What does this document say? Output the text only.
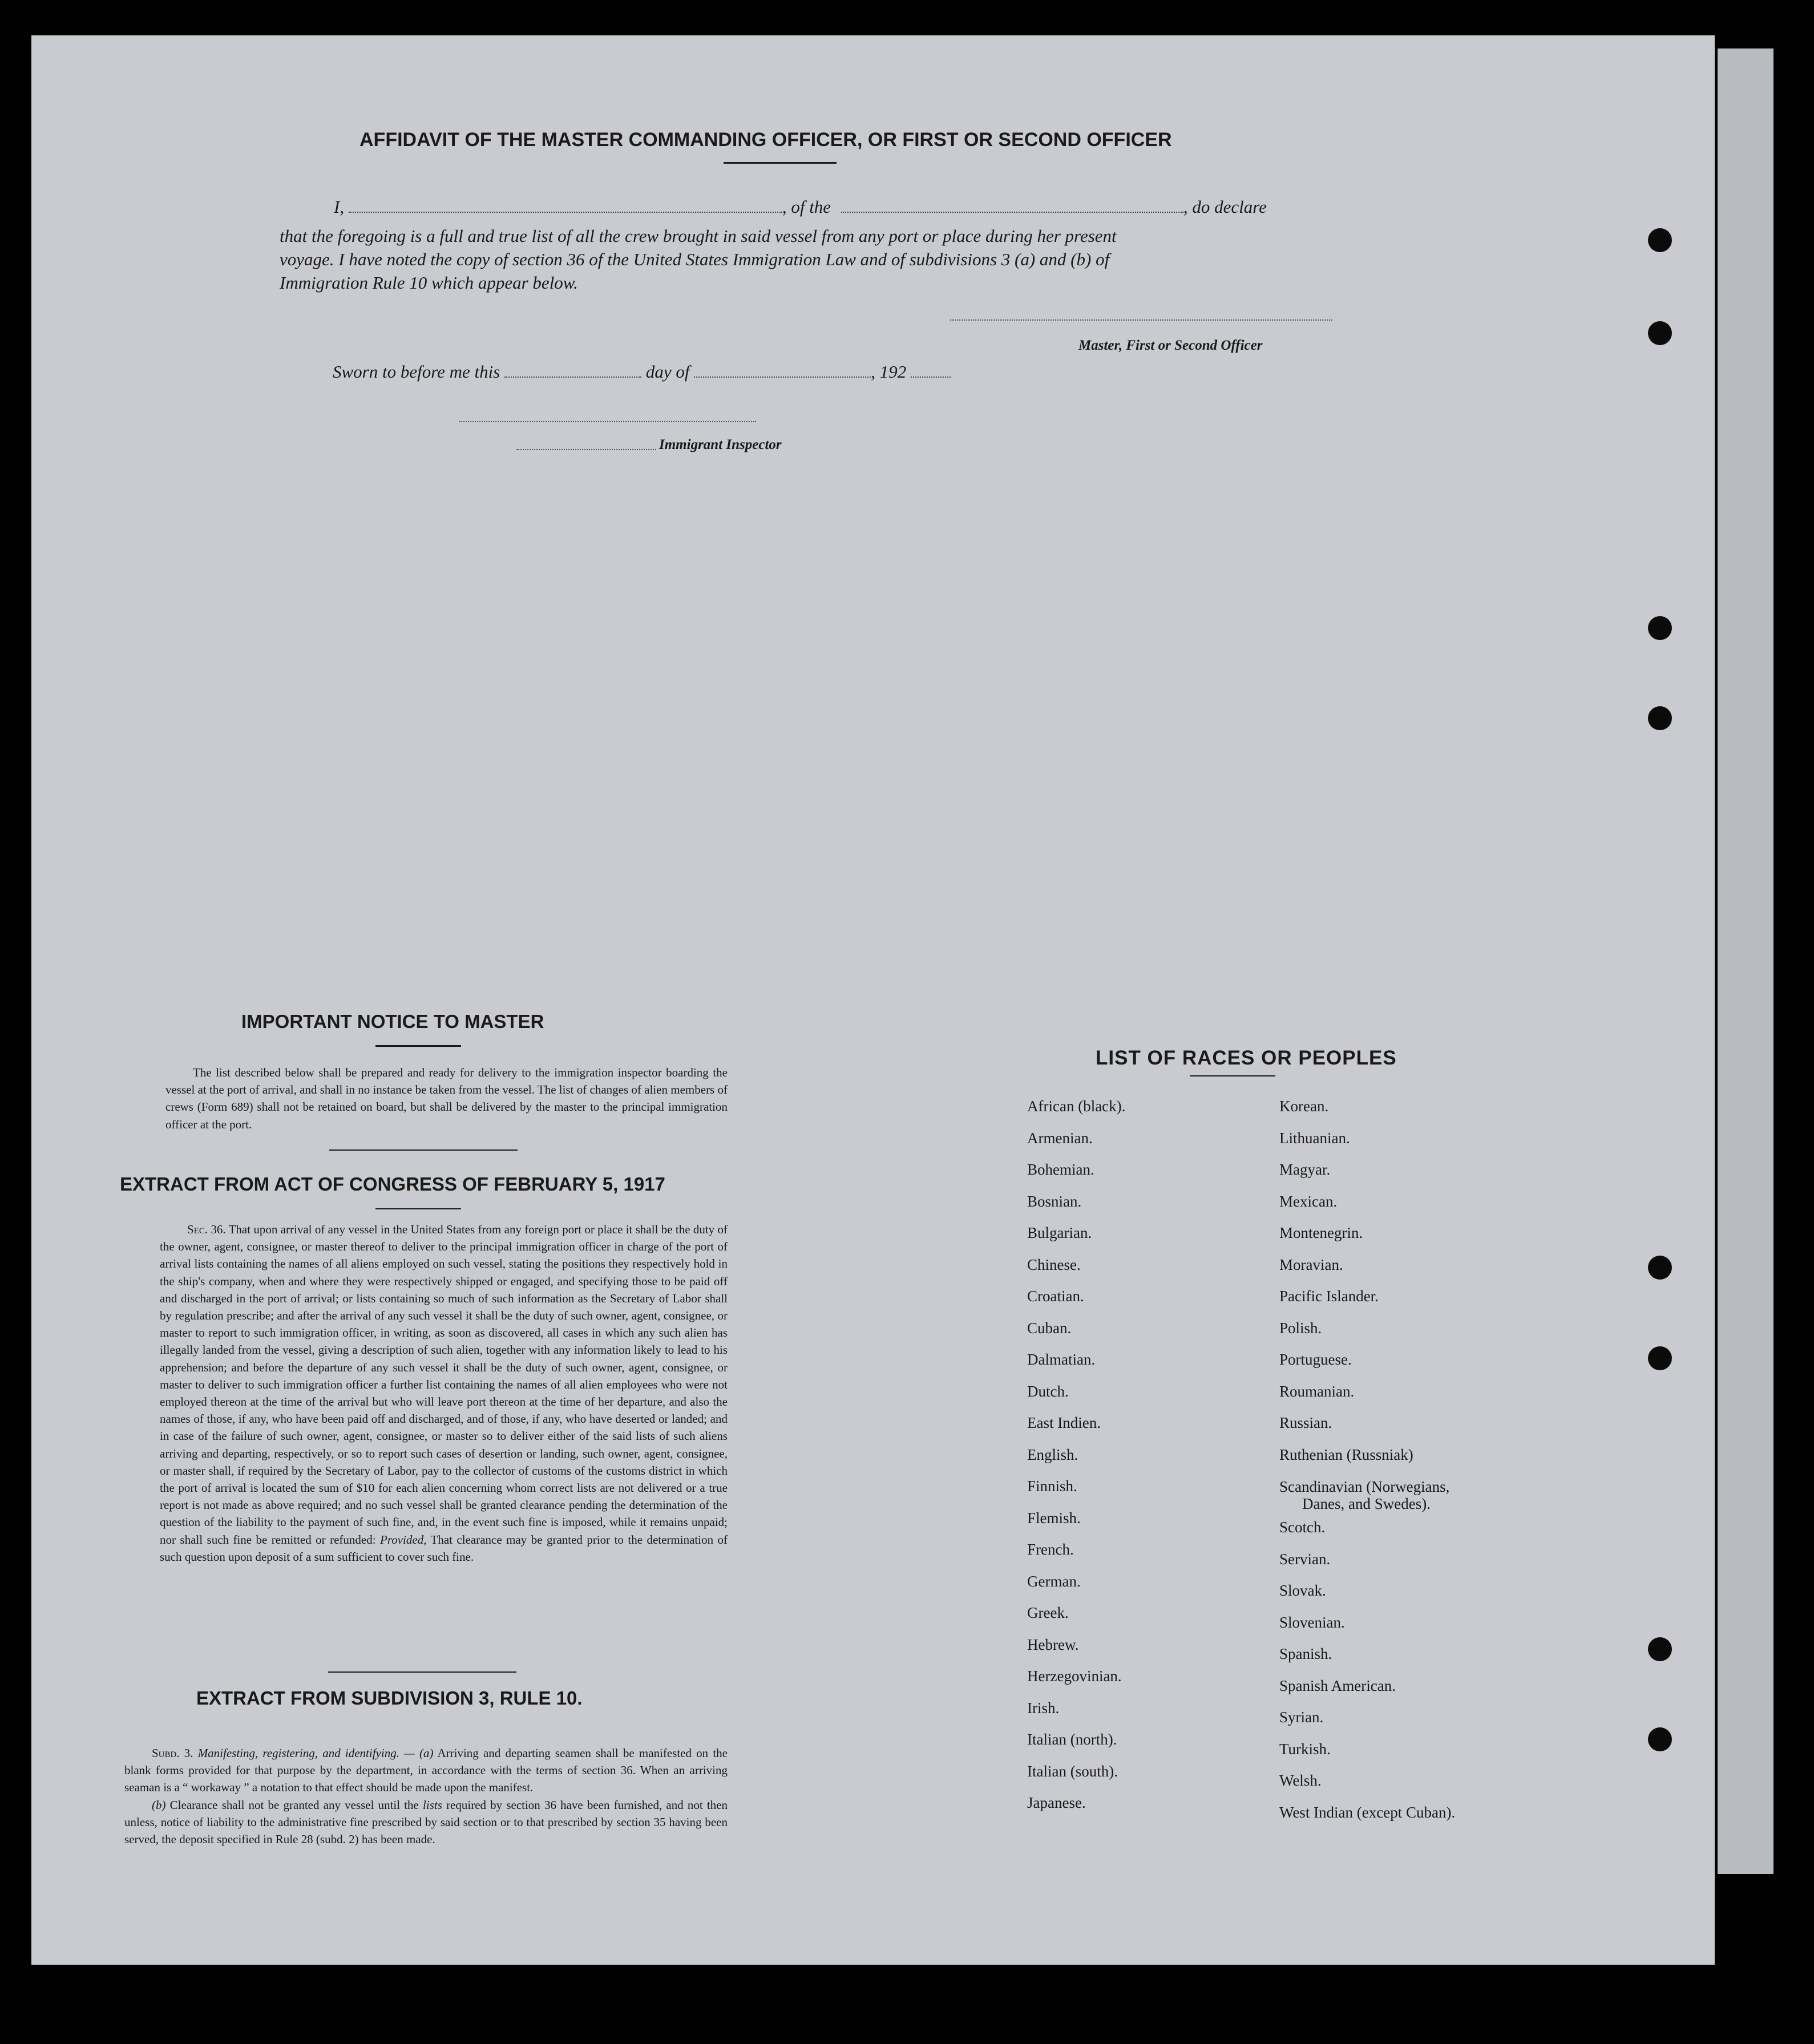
AFFIDAVIT OF THE MASTER COMMANDING OFFICER, OR FIRST OR SECOND OFFICER
I,	, of the	, do declare
that the foregoing is a full and true list of all the crew brought in said vessel from any port or place during her present
voyage. I have noted the copy of section 36 of the United States Immigration Law and of subdivisions 3 (a) and (b) of
Immigration Rule 10 which appear below.
Master, First or Second Officer
Sworn to before me this	day of	, 192
Immigrant Inspector
IMPORTANT NOTICE TO MASTER

The list described below shall be prepared and ready for delivery to the immigration inspector boarding the vessel at the port of arrival, and shall in no instance be taken from the vessel. The list of changes of alien members of crews (Form 689) shall not be retained on board, but shall be delivered by the master to the principal immigration officer at the port.

EXTRACT FROM ACT OF CONGRESS OF FEBRUARY 5, 1917

Sec. 36. That upon arrival of any vessel in the United States from any foreign port or place it shall be the duty of the owner, agent, consignee, or master thereof to deliver to the principal immigration officer in charge of the port of arrival lists containing the names of all aliens employed on such vessel, stating the positions they respectively hold in the ship's company, when and where they were respectively shipped or engaged, and specifying those to be paid off and discharged in the port of arrival; or lists containing so much of such information as the Secretary of Labor shall by regulation prescribe; and after the arrival of any such vessel it shall be the duty of such owner, agent, consignee, or master to report to such immigration officer, in writing, as soon as discovered, all cases in which any such alien has illegally landed from the vessel, giving a description of such alien, together with any information likely to lead to his apprehension; and before the departure of any such vessel it shall be the duty of such owner, agent, consignee, or master to deliver to such immigration officer a further list containing the names of all alien employees who were not employed thereon at the time of the arrival but who will leave port thereon at the time of her departure, and also the names of those, if any, who have been paid off and discharged, and of those, if any, who have deserted or landed; and in case of the failure of such owner, agent, consignee, or master so to deliver either of the said lists of such aliens arriving and departing, respectively, or so to report such cases of desertion or landing, such owner, agent, consignee, or master shall, if required by the Secretary of Labor, pay to the collector of customs of the customs district in which the port of arrival is located the sum of $10 for each alien concerning whom correct lists are not delivered or a true report is not made as above required; and no such vessel shall be granted clearance pending the determination of the question of the liability to the payment of such fine, and, in the event such fine is imposed, while it remains unpaid; nor shall such fine be remitted or refunded: Provided, That clearance may be granted prior to the determination of such question upon deposit of a sum sufficient to cover such fine.

EXTRACT FROM SUBDIVISION 3, RULE 10.

Subd. 3. Manifesting, registering, and identifying. — (a) Arriving and departing seamen shall be manifested on the blank forms provided for that purpose by the department, in accordance with the terms of section 36. When an arriving seaman is a “ workaway ” a notation to that effect should be made upon the manifest.

(b) Clearance shall not be granted any vessel until the lists required by section 36 have been furnished, and not then unless, notice of liability to the administrative fine prescribed by said section or to that prescribed by section 35 having been served, the deposit specified in Rule 28 (subd. 2) has been made.

LIST OF RACES OR PEOPLES
African (black).
Armenian.
Bohemian.
Bosnian.
Bulgarian.
Chinese.
Croatian.
Cuban.
Dalmatian.
Dutch.
East Indien.
English.
Finnish.
Flemish.
French.
German.
Greek.
Hebrew.
Herzegovinian.
Irish.
Italian (north).
Italian (south).
Japanese.
Korean.
Lithuanian.
Magyar.
Mexican.
Montenegrin.
Moravian.
Pacific Islander.
Polish.
Portuguese.
Roumanian.
Russian.
Ruthenian (Russniak)
Scandinavian (Norwegians,
Danes, and Swedes).
Scotch.
Servian.
Slovak.
Slovenian.
Spanish.
Spanish American.
Syrian.
Turkish.
Welsh.
West Indian (except Cuban).
